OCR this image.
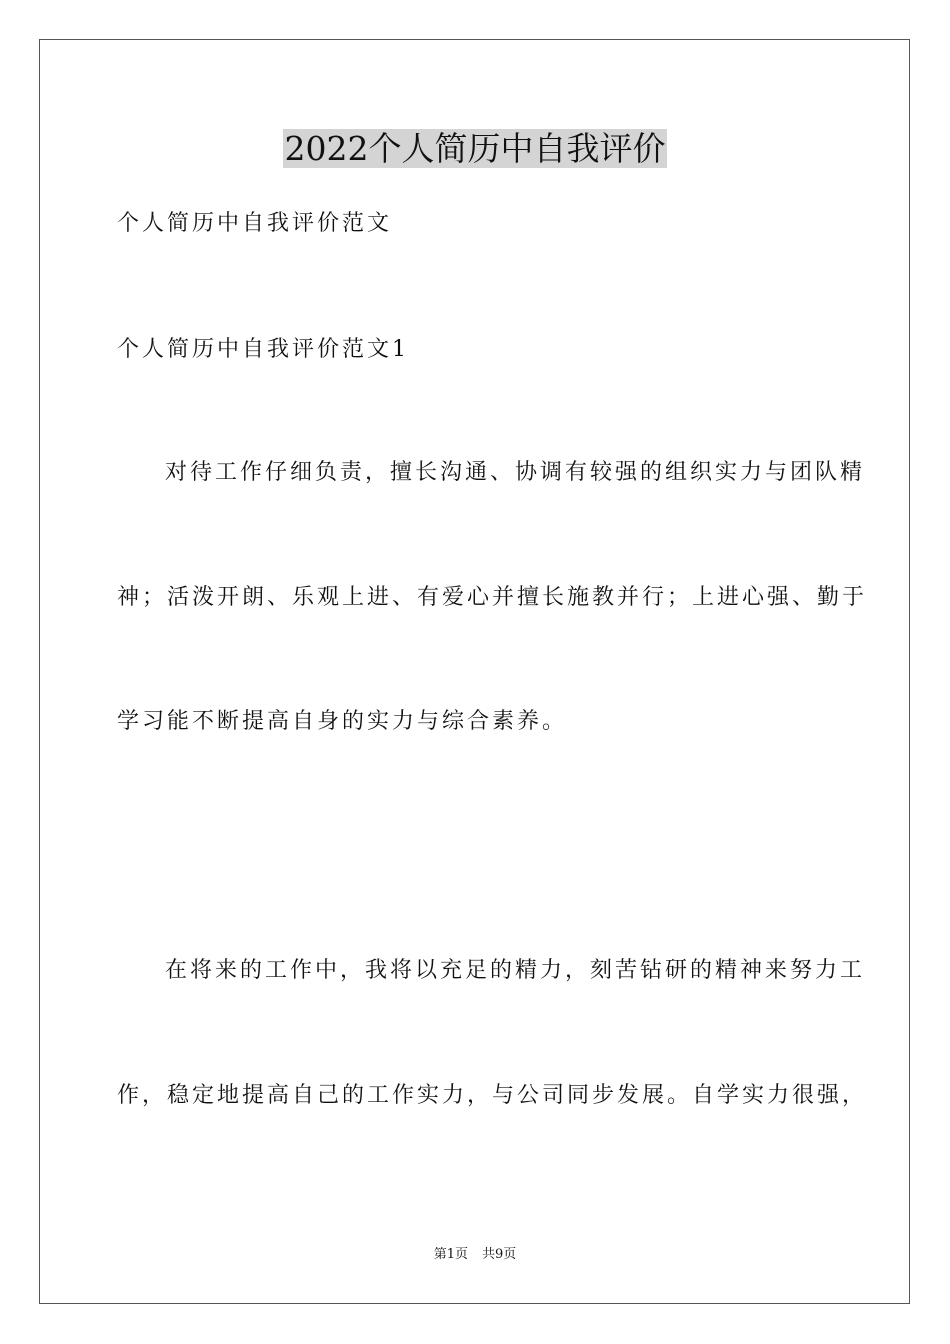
2022个人简历中自我评价
个人简历中自我评价范文
个人简历中自我评价范文1
对待工作仔细负责，擅长沟通、协调有较强的组织实力与团队精
神；活泼开朗、乐观上进、有爱心并擅长施教并行；上进心强、勤于
学习能不断提高自身的实力与综合素养。
在将来的工作中，我将以充足的精力，刻苦钻研的精神来努力工
作，稳定地提高自己的工作实力，与公司同步发展。自学实力很强，
第1页 共9页
